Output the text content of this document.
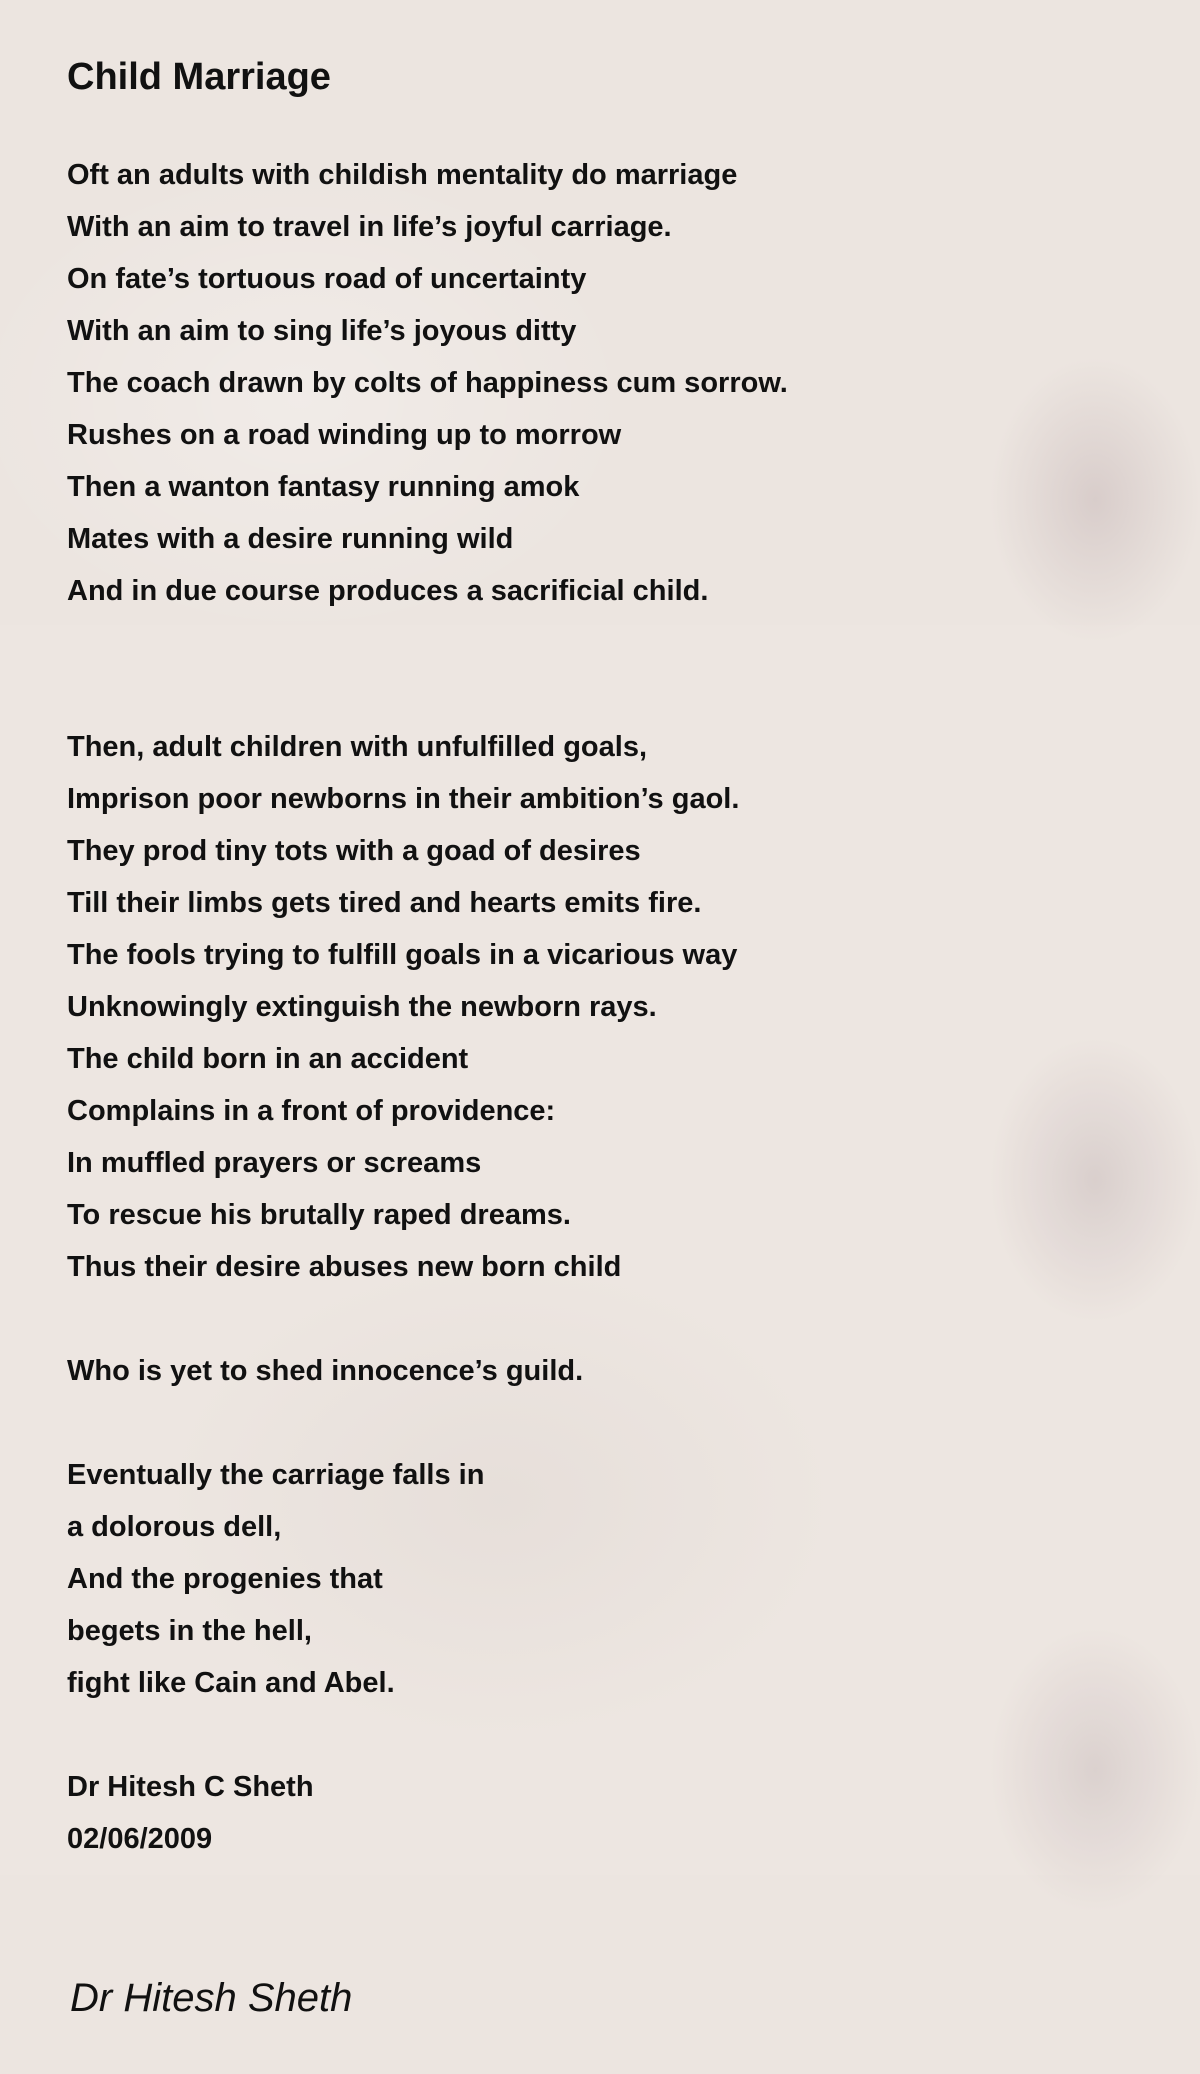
Child Marriage
Oft an adults with childish mentality do marriage
With an aim to travel in life’s joyful carriage.
On fate’s tortuous road of uncertainty
With an aim to sing life’s joyous ditty
The coach drawn by colts of happiness cum sorrow.
Rushes on a road winding up to morrow
Then a wanton fantasy running amok
Mates with a desire running wild
And in due course produces a sacrificial child.
Then, adult children with unfulfilled goals,
Imprison poor newborns in their ambition’s gaol.
They prod tiny tots with a goad of desires
Till their limbs gets tired and hearts emits fire.
The fools trying to fulfill goals in a vicarious way
Unknowingly extinguish the newborn rays.
The child born in an accident
Complains in a front of providence:
In muffled prayers or screams
To rescue his brutally raped dreams.
Thus their desire abuses new born child
Who is yet to shed innocence’s guild.
Eventually the carriage falls in
a dolorous dell,
And the progenies that
begets in the hell,
fight like Cain and Abel.
Dr Hitesh C Sheth
02/06/2009
Dr Hitesh Sheth
